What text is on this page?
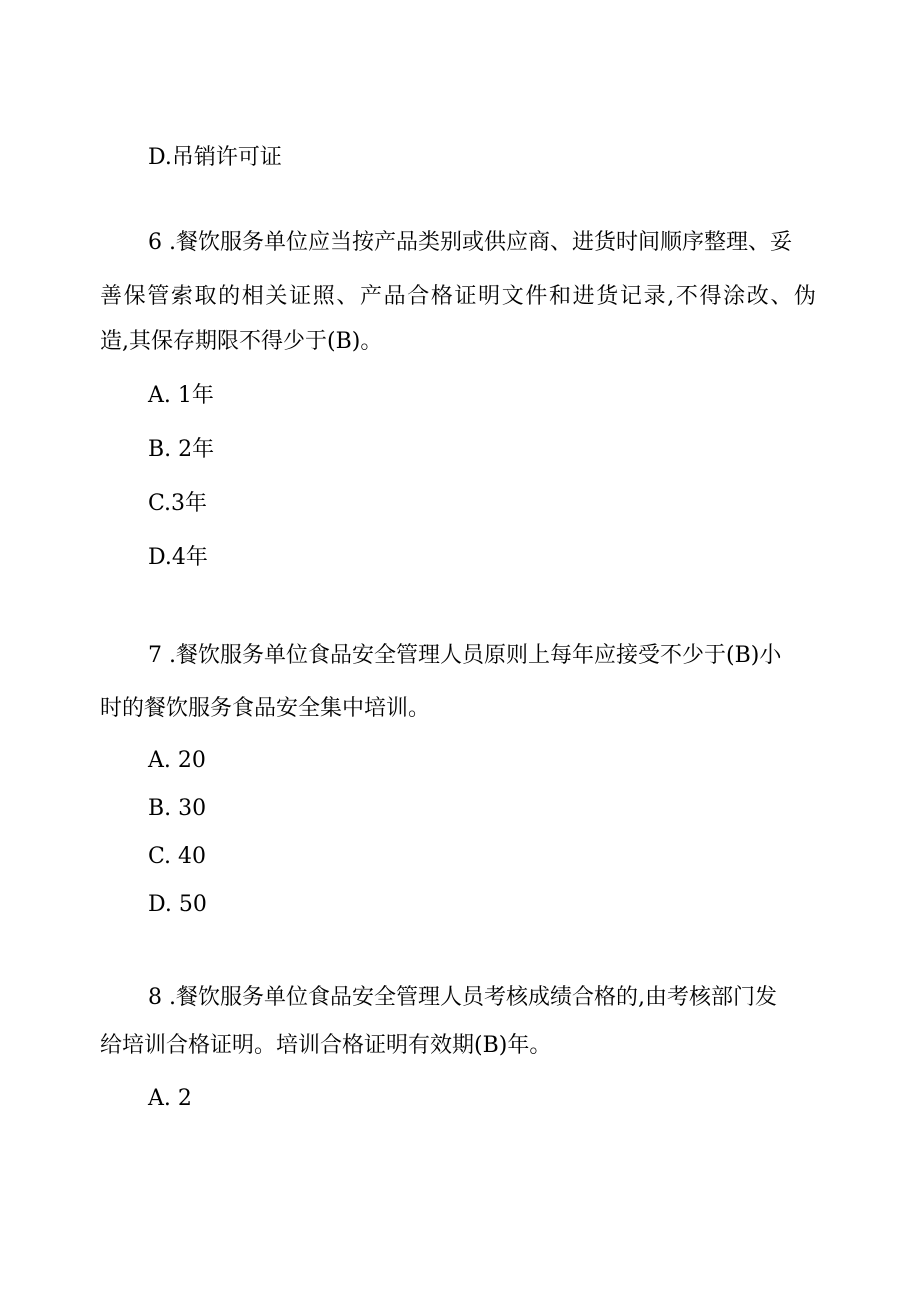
D.吊销许可证
6 .餐饮服务单位应当按产品类别或供应商、进货时间顺序整理、妥
善保管索取的相关证照、产品合格证明文件和进货记录,不得涂改、伪
造,其保存期限不得少于(B)。
A. 1年
B. 2年
C.3年
D.4年
7 .餐饮服务单位食品安全管理人员原则上每年应接受不少于(B)小
时的餐饮服务食品安全集中培训。
A. 20
B. 30
C. 40
D. 50
8 .餐饮服务单位食品安全管理人员考核成绩合格的,由考核部门发
给培训合格证明。培训合格证明有效期(B)年。
A. 2
